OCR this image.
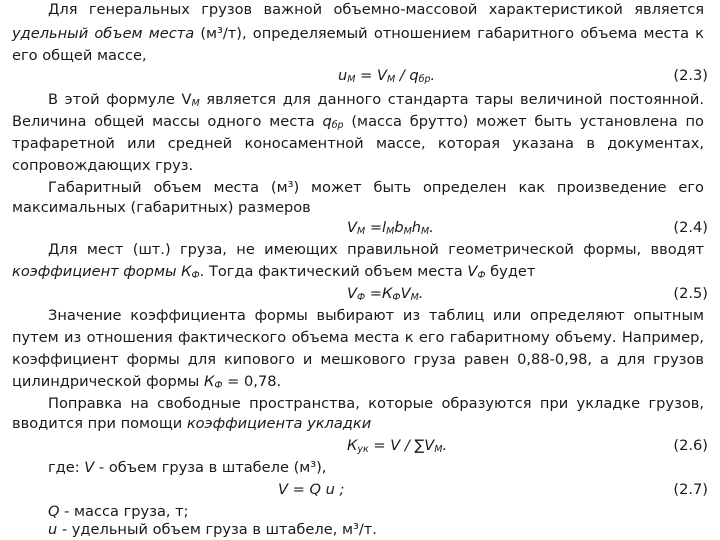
Для генеральных грузов важной объемно-массовой характеристикой является
удельный объем места (м³/т), определяемый отношением габаритного объема места к
его общей массе,
$u_М = V_М / q_{бр}$.	(2.3)
В этой формуле $V_М$ является для данного стандарта тары величиной постоянной.
Величина общей массы одного места $q_{бр}$ (масса брутто) может быть установлена по
трафаретной или средней коносаментной массе, которая указана в документах,
сопровождающих груз.
Габаритный объем места (м³) может быть определен как произведение его
максимальных (габаритных) размеров
$V_М =l_Мb_Мh_М$.	(2.4)
Для мест (шт.) груза, не имеющих правильной геометрической формы, вводят
коэффициент формы $К_Ф$. Тогда фактический объем места $V_Ф$ будет
$V_Ф =К_ФV_М$.	(2.5)
Значение коэффициента формы выбирают из таблиц или определяют опытным
путем из отношения фактического объема места к его габаритному объему. Например,
коэффициент формы для кипового и мешкового груза равен 0,88-0,98, а для грузов
цилиндрической формы $К_Ф = 0,78$.
Поправка на свободные пространства, которые образуются при укладке грузов,
вводится при помощи коэффициента укладки
$К_{ук} = V / \sum V_М$.	(2.6)
где: V - объем груза в штабеле (м³),
V = Q u ;	(2.7)
Q - масса груза, т;
u - удельный объем груза в штабеле, м³/т.
